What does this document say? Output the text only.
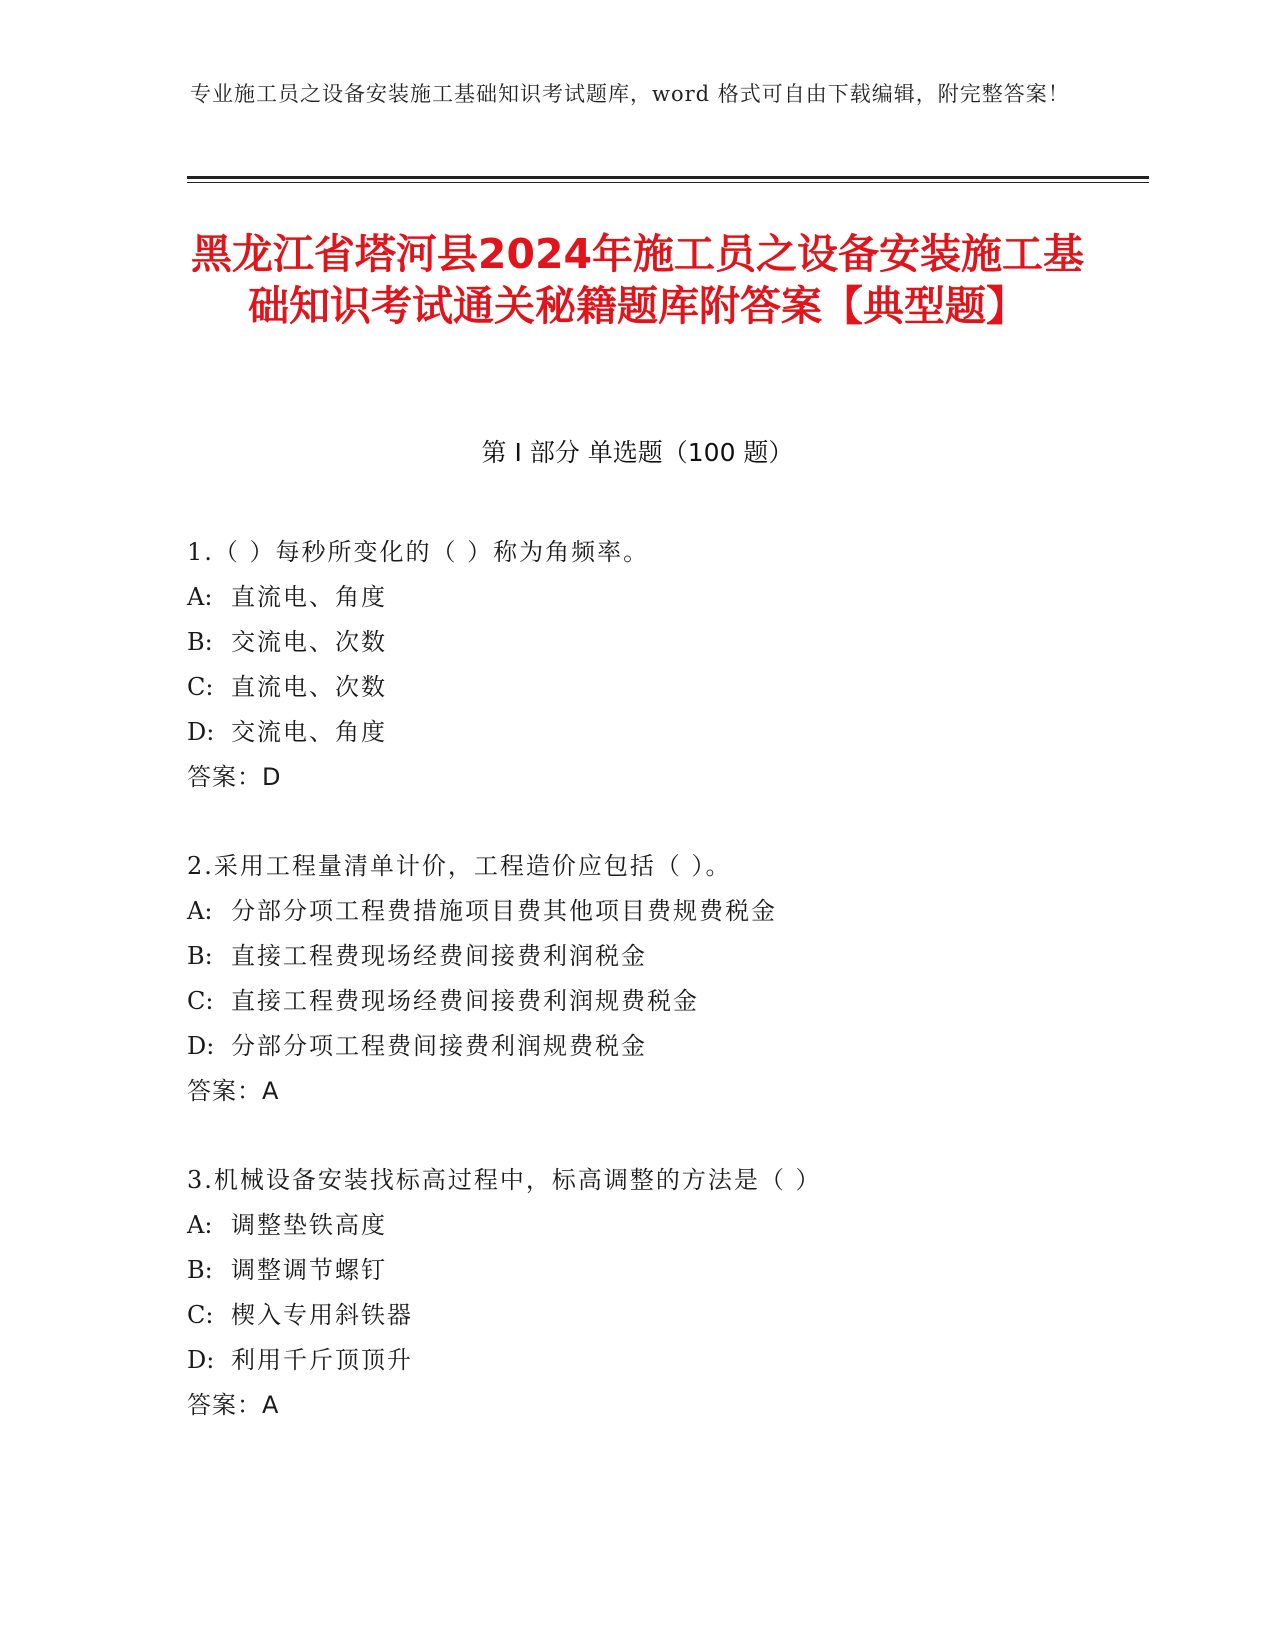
专业施工员之设备安装施工基础知识考试题库，word 格式可自由下载编辑，附完整答案！
黑龙江省塔河县2024年施工员之设备安装施工基础知识考试通关秘籍题库附答案【典型题】
第 I 部分 单选题（100 题）
1.（ ）每秒所变化的（ ）称为角频率。
A: 直流电、角度
B: 交流电、次数
C: 直流电、次数
D: 交流电、角度
答案：D
2.采用工程量清单计价，工程造价应包括（ ）。
A: 分部分项工程费措施项目费其他项目费规费税金
B: 直接工程费现场经费间接费利润税金
C: 直接工程费现场经费间接费利润规费税金
D: 分部分项工程费间接费利润规费税金
答案：A
3.机械设备安装找标高过程中，标高调整的方法是（ ）
A: 调整垫铁高度
B: 调整调节螺钉
C: 楔入专用斜铁器
D: 利用千斤顶顶升
答案：A
